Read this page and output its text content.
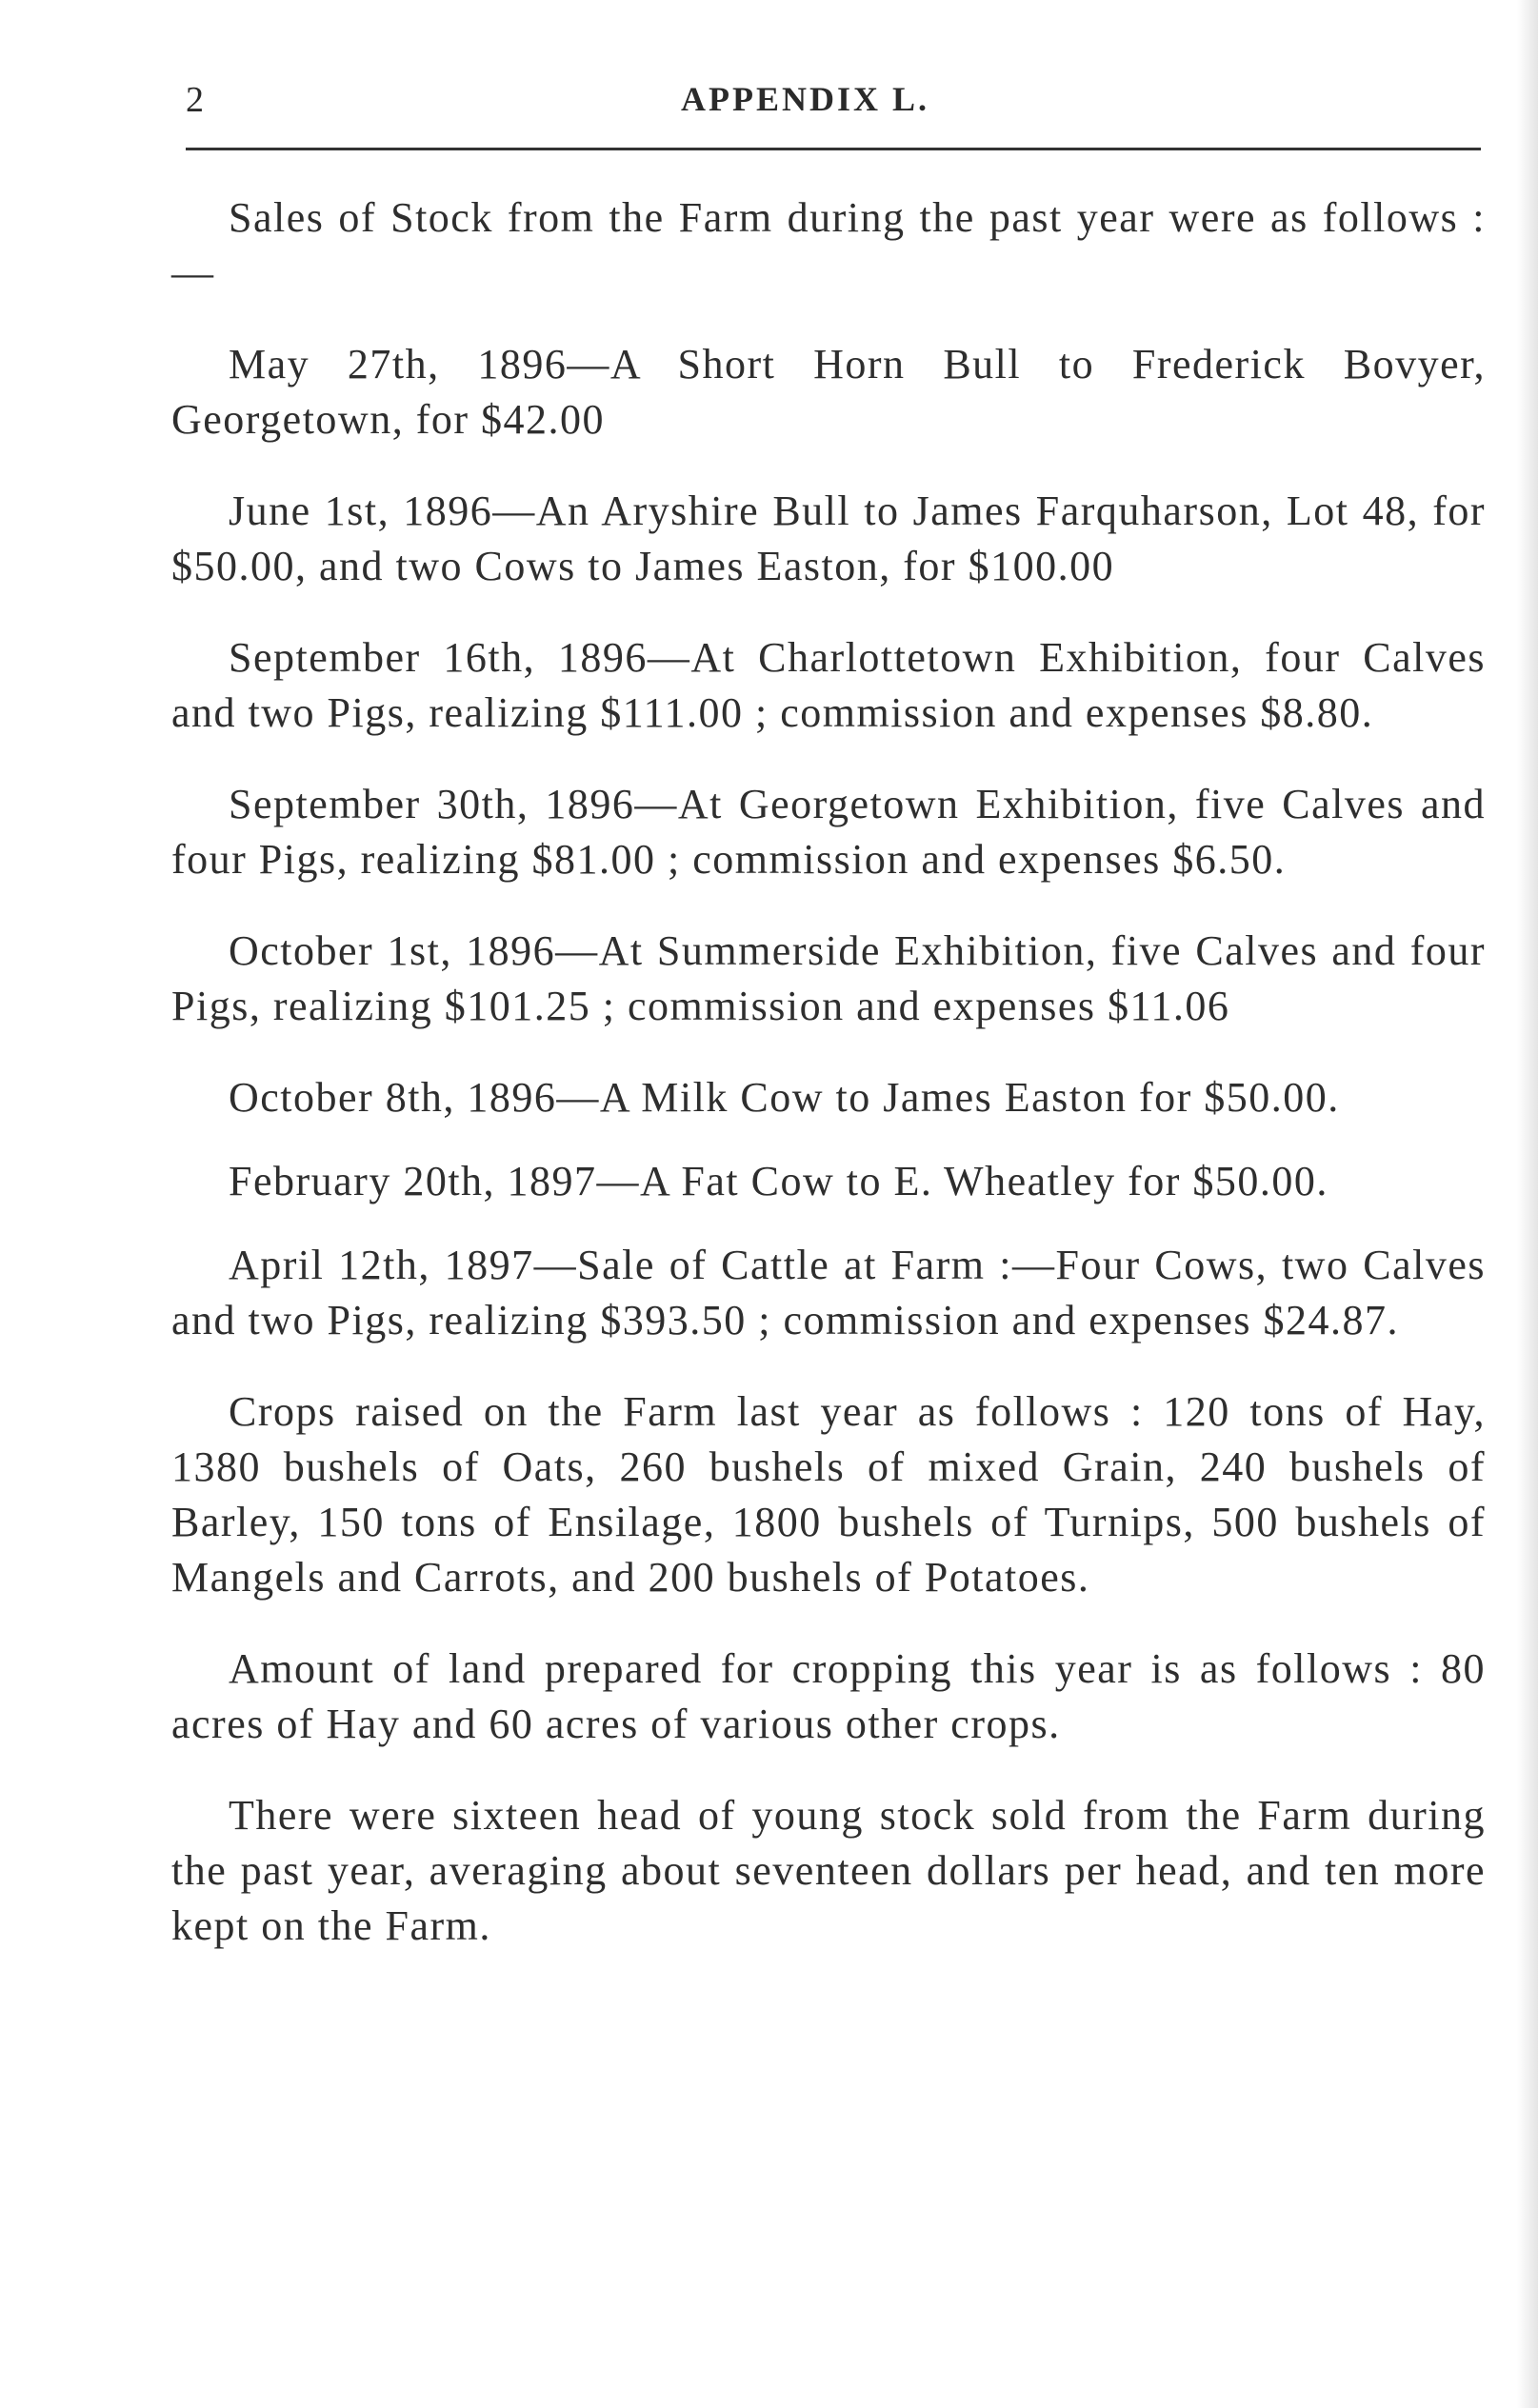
2	APPENDIX L.

Sales of Stock from the Farm during the past year were as follows :—

May 27th, 1896—A Short Horn Bull to Frederick Bovyer, Georgetown, for $42.00

June 1st, 1896—An Aryshire Bull to James Farquharson, Lot 48, for $50.00, and two Cows to James Easton, for $100.00

September 16th, 1896—At Charlottetown Exhibition, four Calves and two Pigs, realizing $111.00 ; commission and expenses $8.80.

September 30th, 1896—At Georgetown Exhibition, five Calves and four Pigs, realizing $81.00 ; commission and expenses $6.50.

October 1st, 1896—At Summerside Exhibition, five Calves and four Pigs, realizing $101.25 ; commission and expenses $11.06

October 8th, 1896—A Milk Cow to James Easton for $50.00.

February 20th, 1897—A Fat Cow to E. Wheatley for $50.00.

April 12th, 1897—Sale of Cattle at Farm :—Four Cows, two Calves and two Pigs, realizing $393.50 ; commission and expenses $24.87.

Crops raised on the Farm last year as follows : 120 tons of Hay, 1380 bushels of Oats, 260 bushels of mixed Grain, 240 bushels of Barley, 150 tons of Ensilage, 1800 bushels of Turnips, 500 bushels of Mangels and Carrots, and 200 bushels of Potatoes.

Amount of land prepared for cropping this year is as follows : 80 acres of Hay and 60 acres of various other crops.

There were sixteen head of young stock sold from the Farm during the past year, averaging about seventeen dollars per head, and ten more kept on the Farm.
